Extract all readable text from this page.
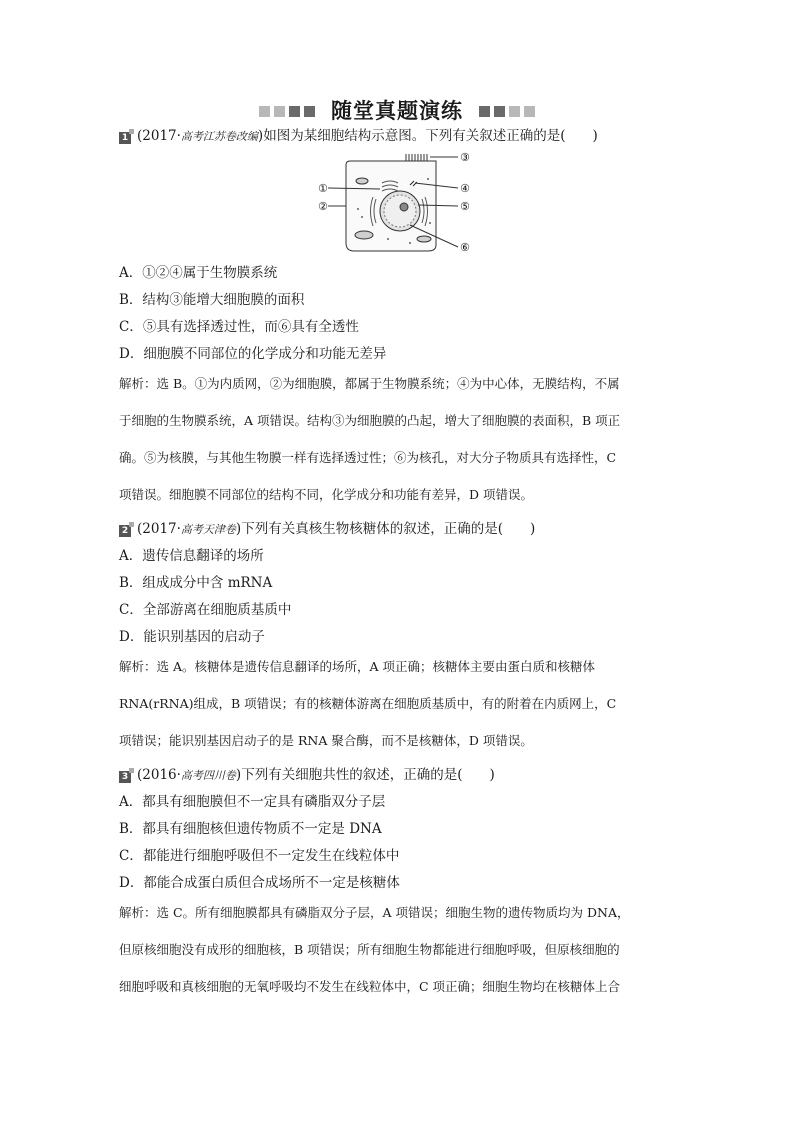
随堂真题演练
1 (2017·高考江苏卷改编)如图为某细胞结构示意图。下列有关叙述正确的是(　　)
①
②
③
④
⑤
⑥
A．①②④属于生物膜系统
B．结构③能增大细胞膜的面积
C．⑤具有选择透过性，而⑥具有全透性
D．细胞膜不同部位的化学成分和功能无差异
解析：选 B。①为内质网，②为细胞膜，都属于生物膜系统；④为中心体，无膜结构，不属
于细胞的生物膜系统，A 项错误。结构③为细胞膜的凸起，增大了细胞膜的表面积，B 项正
确。⑤为核膜，与其他生物膜一样有选择透过性；⑥为核孔，对大分子物质具有选择性，C
项错误。细胞膜不同部位的结构不同，化学成分和功能有差异，D 项错误。
2 (2017·高考天津卷)下列有关真核生物核糖体的叙述，正确的是(　　)
A．遗传信息翻译的场所
B．组成成分中含 mRNA
C．全部游离在细胞质基质中
D．能识别基因的启动子
解析：选 A。核糖体是遗传信息翻译的场所，A 项正确；核糖体主要由蛋白质和核糖体
RNA(rRNA)组成，B 项错误；有的核糖体游离在细胞质基质中，有的附着在内质网上，C
项错误；能识别基因启动子的是 RNA 聚合酶，而不是核糖体，D 项错误。
3 (2016·高考四川卷)下列有关细胞共性的叙述，正确的是(　　)
A．都具有细胞膜但不一定具有磷脂双分子层
B．都具有细胞核但遗传物质不一定是 DNA
C．都能进行细胞呼吸但不一定发生在线粒体中
D．都能合成蛋白质但合成场所不一定是核糖体
解析：选 C。所有细胞膜都具有磷脂双分子层，A 项错误；细胞生物的遗传物质均为 DNA，
但原核细胞没有成形的细胞核，B 项错误；所有细胞生物都能进行细胞呼吸，但原核细胞的
细胞呼吸和真核细胞的无氧呼吸均不发生在线粒体中，C 项正确；细胞生物均在核糖体上合
